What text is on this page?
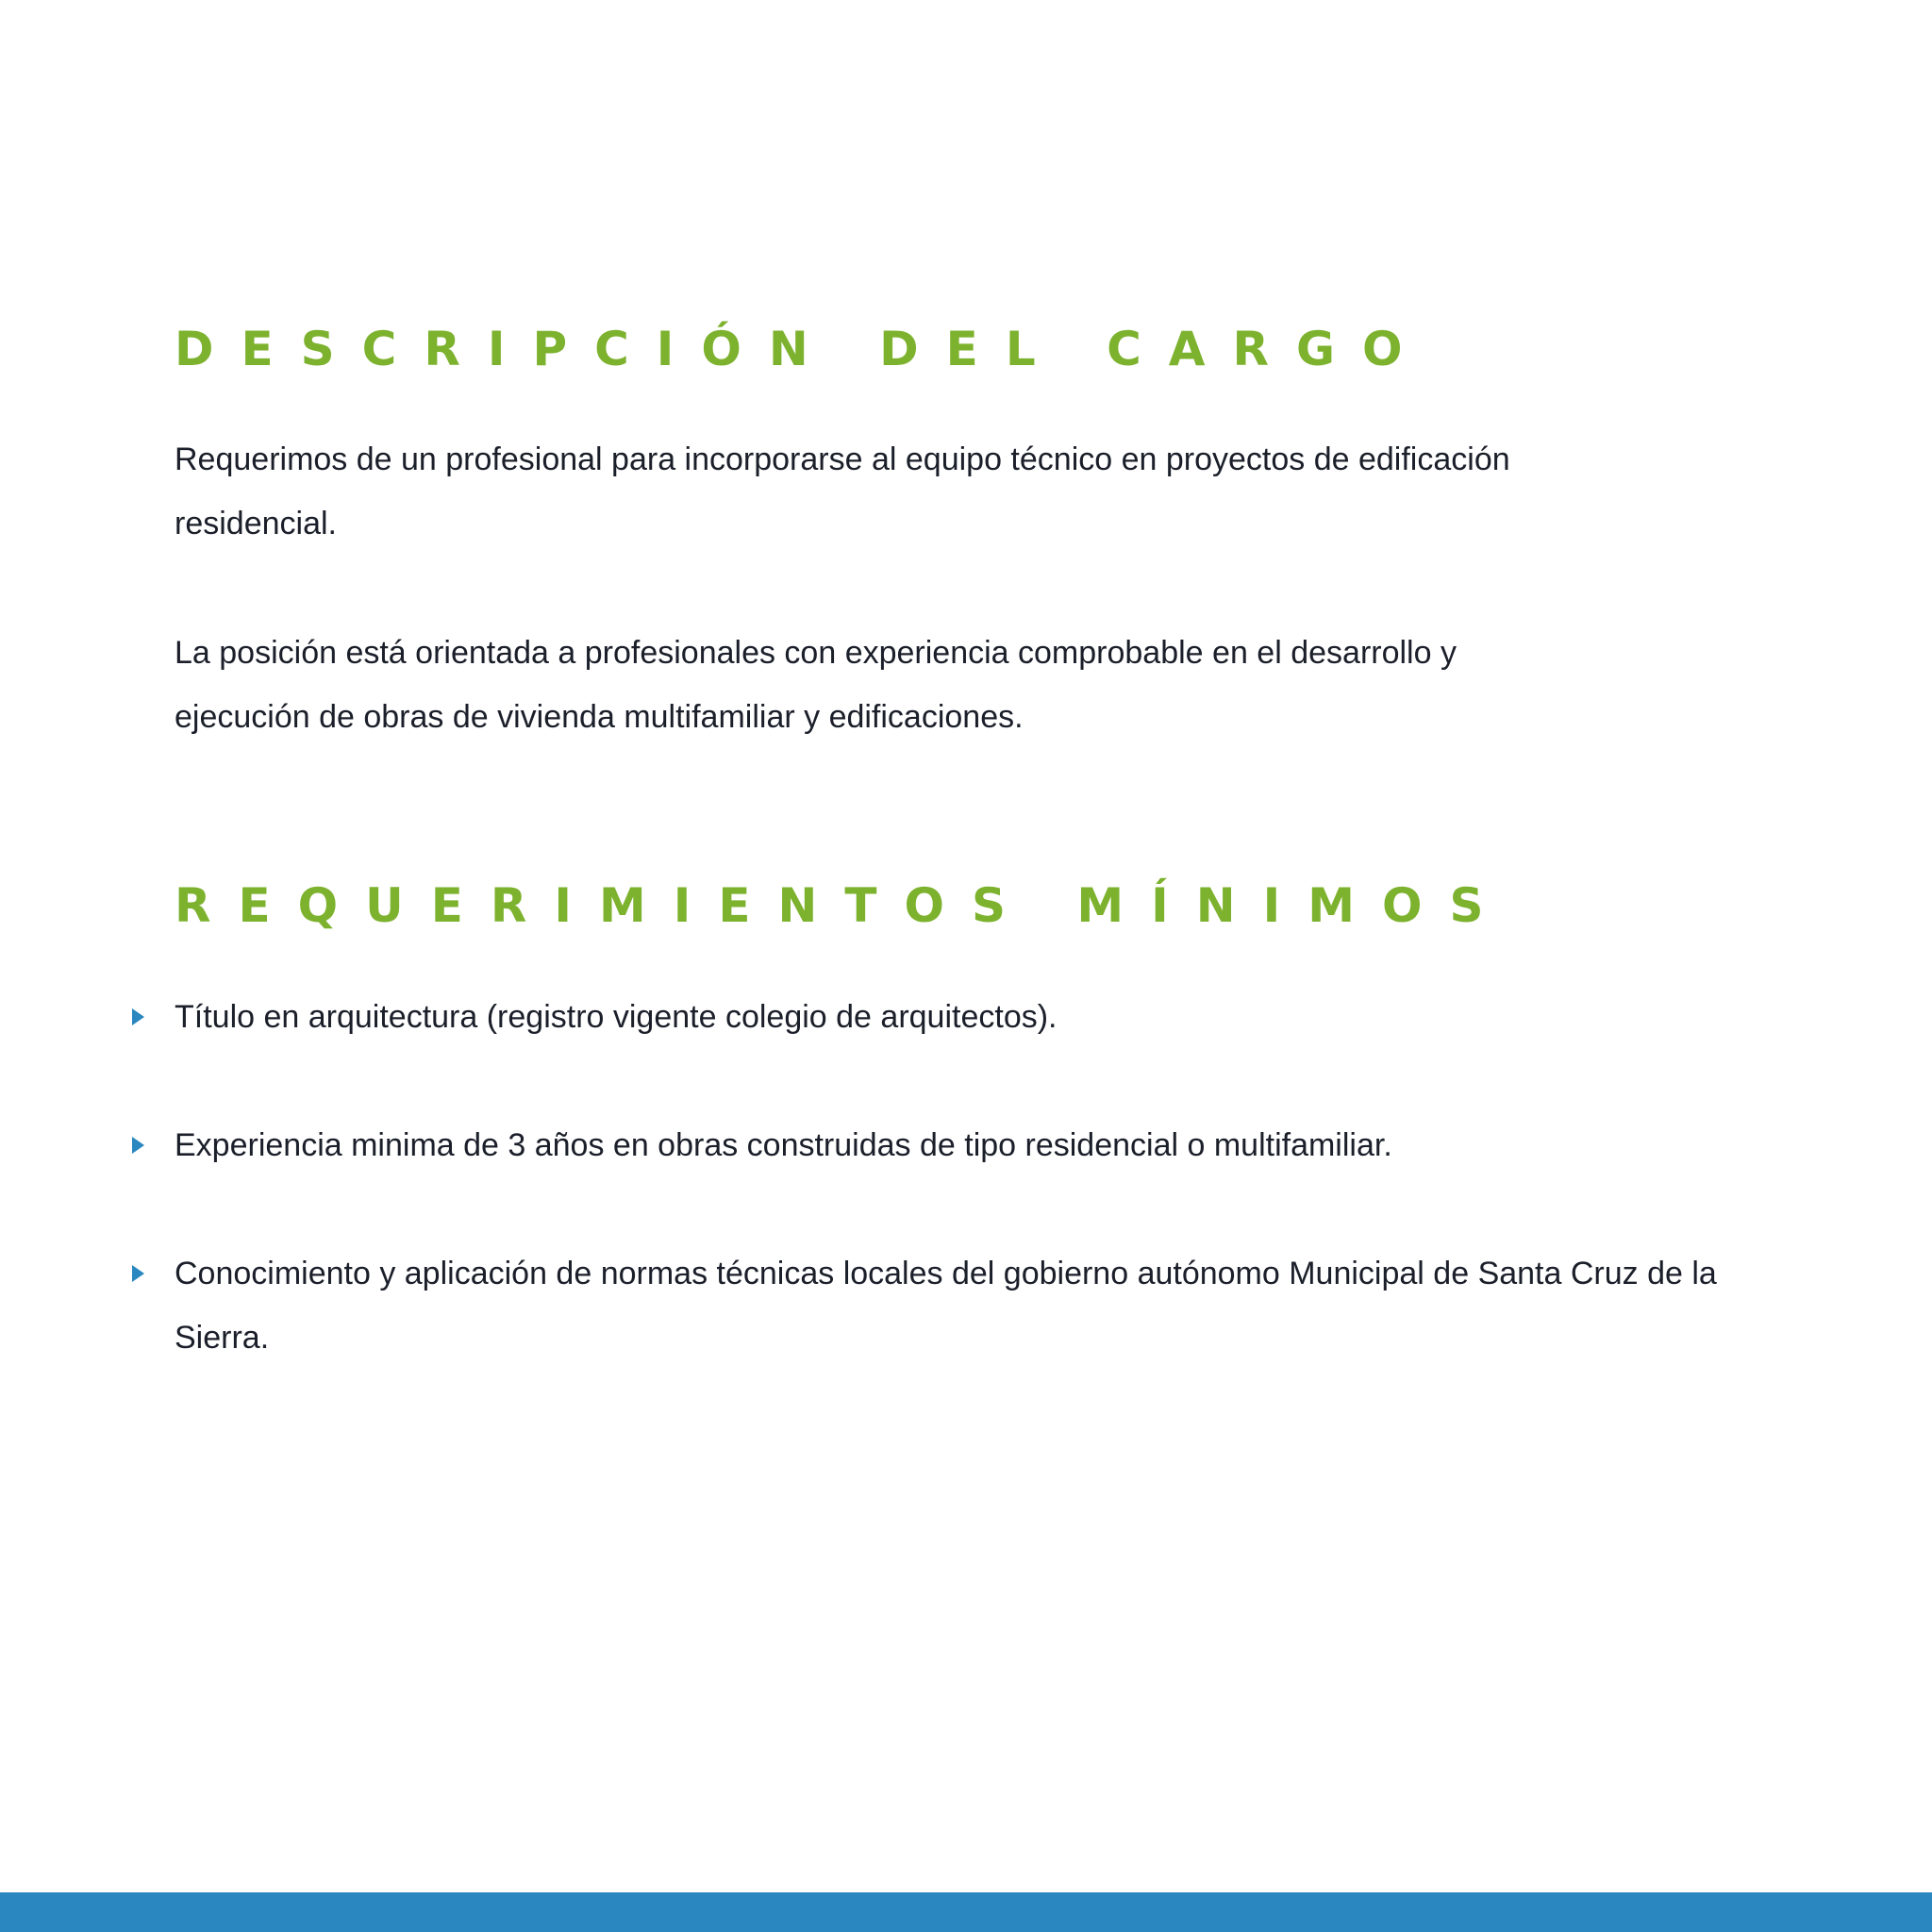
DESCRIPCIÓN DEL CARGO

Requerimos de un profesional para incorporarse al equipo técnico en proyectos de edificación residencial.

La posición está orientada a profesionales con experiencia comprobable en el desarrollo y ejecución de obras de vivienda multifamiliar y edificaciones.

REQUERIMIENTOS MÍNIMOS
Título en arquitectura (registro vigente colegio de arquitectos).
Experiencia minima de 3 años en obras construidas de tipo residencial o multifamiliar.
Conocimiento y aplicación de normas técnicas locales del gobierno autónomo Municipal de Santa Cruz de la Sierra.
